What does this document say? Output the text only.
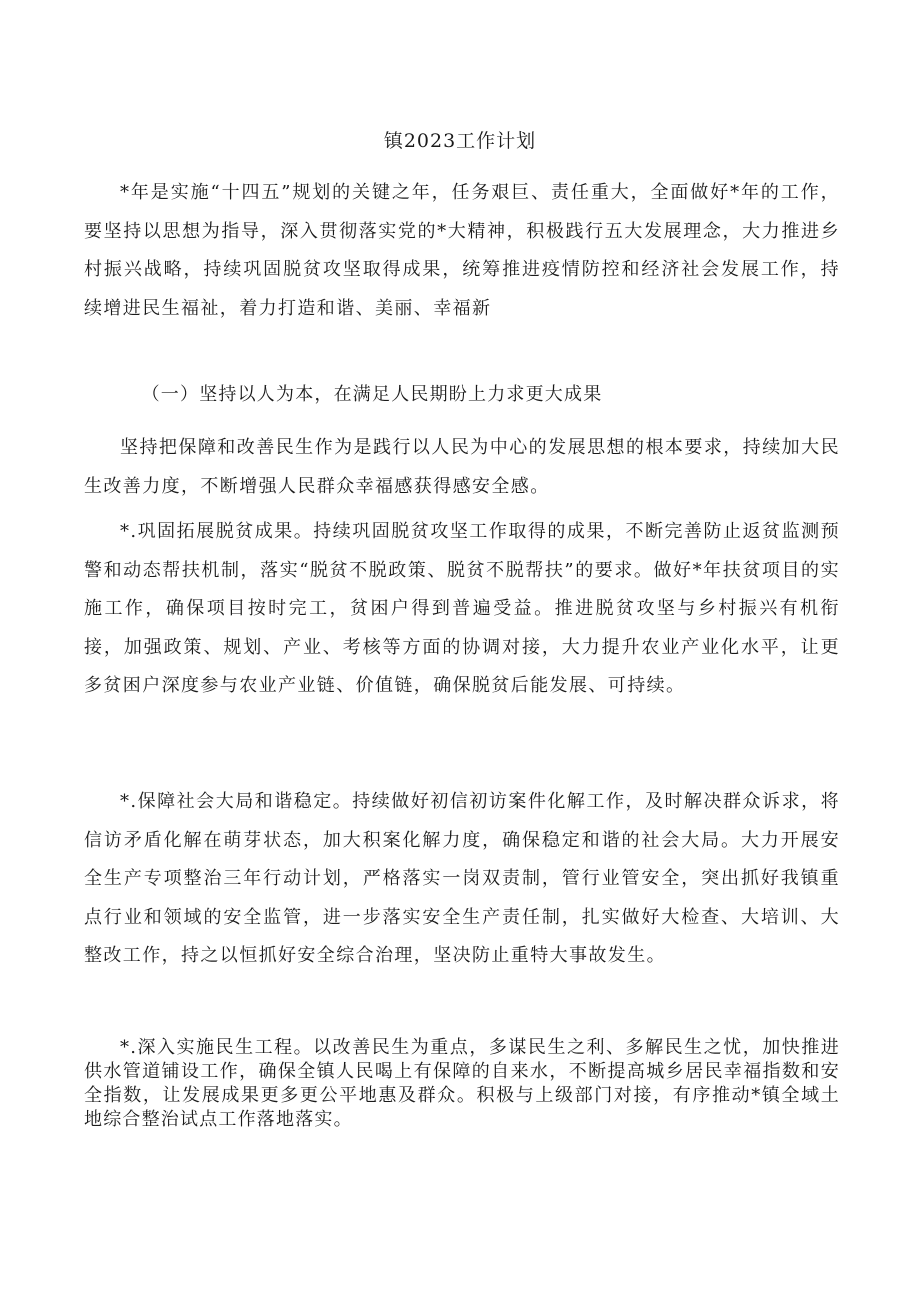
镇2023工作计划

*年是实施“十四五”规划的关键之年，任务艰巨、责任重大，全面做好*年的工作，要坚持以思想为指导，深入贯彻落实党的*大精神，积极践行五大发展理念，大力推进乡村振兴战略，持续巩固脱贫攻坚取得成果，统筹推进疫情防控和经济社会发展工作，持续增进民生福祉，着力打造和谐、美丽、幸福新

（一）坚持以人为本，在满足人民期盼上力求更大成果

坚持把保障和改善民生作为是践行以人民为中心的发展思想的根本要求，持续加大民生改善力度，不断增强人民群众幸福感获得感安全感。

*.巩固拓展脱贫成果。持续巩固脱贫攻坚工作取得的成果，不断完善防止返贫监测预警和动态帮扶机制，落实“脱贫不脱政策、脱贫不脱帮扶”的要求。做好*年扶贫项目的实施工作，确保项目按时完工，贫困户得到普遍受益。推进脱贫攻坚与乡村振兴有机衔接，加强政策、规划、产业、考核等方面的协调对接，大力提升农业产业化水平，让更多贫困户深度参与农业产业链、价值链，确保脱贫后能发展、可持续。

*.保障社会大局和谐稳定。持续做好初信初访案件化解工作，及时解决群众诉求，将信访矛盾化解在萌芽状态，加大积案化解力度，确保稳定和谐的社会大局。大力开展安全生产专项整治三年行动计划，严格落实一岗双责制，管行业管安全，突出抓好我镇重点行业和领域的安全监管，进一步落实安全生产责任制，扎实做好大检查、大培训、大整改工作，持之以恒抓好安全综合治理，坚决防止重特大事故发生。

*.深入实施民生工程。以改善民生为重点，多谋民生之利、多解民生之忧，加快推进供水管道铺设工作，确保全镇人民喝上有保障的自来水，不断提高城乡居民幸福指数和安全指数，让发展成果更多更公平地惠及群众。积极与上级部门对接，有序推动*镇全域土地综合整治试点工作落地落实。
